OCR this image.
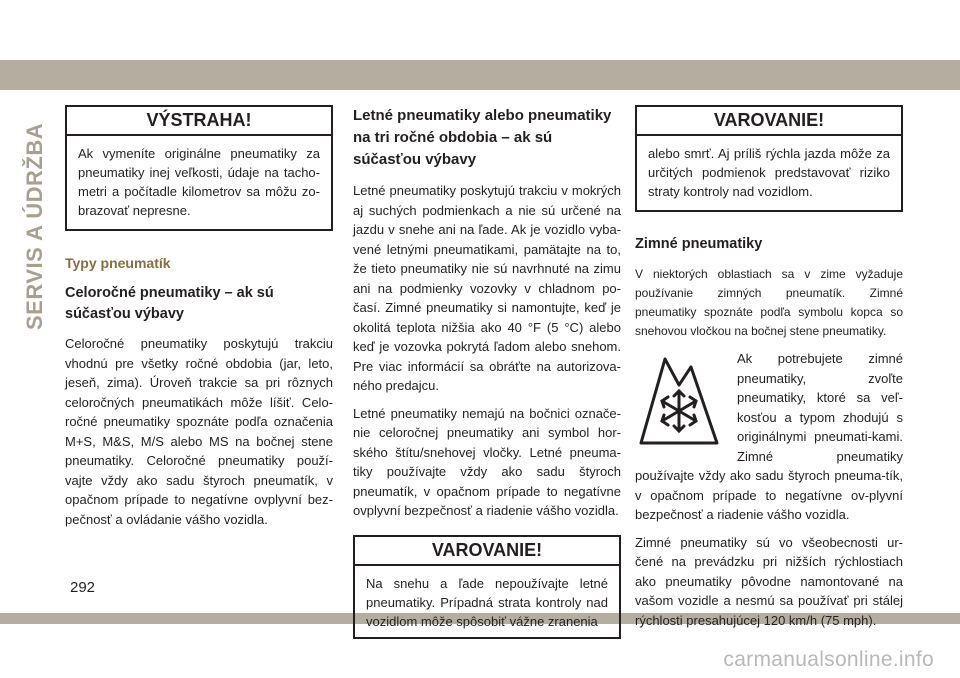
SERVIS A ÚDRŽBA
VÝSTRAHA!
Ak vymeníte originálne pneumatiky za pneumatiky inej veľkosti, údaje na tacho-metri a počítadle kilometrov sa môžu zo-brazovať nepresne.
Typy pneumatík
Celoročné pneumatiky – ak sú súčasťou výbavy
Celoročné pneumatiky poskytujú trakciu vhodnú pre všetky ročné obdobia (jar, leto, jeseň, zima). Úroveň trakcie sa pri rôznych celoročných pneumatikách môže líšiť. Celo-ročné pneumatiky spoznáte podľa označenia M+S, M&S, M/S alebo MS na bočnej stene pneumatiky. Celoročné pneumatiky použí-vajte vždy ako sadu štyroch pneumatík, v opačnom prípade to negatívne ovplyvní bez-pečnosť a ovládanie vášho vozidla.
Letné pneumatiky alebo pneumatiky na tri ročné obdobia – ak sú súčasťou výbavy
Letné pneumatiky poskytujú trakciu v mokrých aj suchých podmienkach a nie sú určené na jazdu v snehe ani na ľade. Ak je vozidlo vyba-vené letnými pneumatikami, pamätajte na to, že tieto pneumatiky nie sú navrhnuté na zimu ani na podmienky vozovky v chladnom po-časí. Zimné pneumatiky si namontujte, keď je okolitá teplota nižšia ako 40 °F (5 °C) alebo keď je vozovka pokrytá ľadom alebo snehom. Pre viac informácií sa obráťte na autorizova-ného predajcu.
Letné pneumatiky nemajú na bočnici označe-nie celoročnej pneumatiky ani symbol hor-ského štítu/snehovej vločky. Letné pneuma-tiky používajte vždy ako sadu štyroch pneumatík, v opačnom prípade to negatívne ovplyvní bezpečnosť a riadenie vášho vozidla.
VAROVANIE!
Na snehu a ľade nepoužívajte letné pneumatiky. Prípadná strata kontroly nad vozidlom môže spôsobiť vážne zranenia
VAROVANIE!
alebo smrť. Aj príliš rýchla jazda môže za určitých podmienok predstavovať riziko straty kontroly nad vozidlom.
Zimné pneumatiky
V niektorých oblastiach sa v zime vyžaduje používanie zimných pneumatík. Zimné pneumatiky spoznáte podľa symbolu kopca so snehovou vločkou na bočnej stene pneumatiky.
Ak potrebujete zimné pneumatiky, zvoľte pneumatiky, ktoré sa veľ-kosťou a typom zhodujú s originálnymi pneumati-kami. Zimné pneumatiky používajte vždy ako sadu štyroch pneuma-tík, v opačnom prípade to negatívne ov-plyvní bezpečnosť a riadenie vášho vozidla.
Zimné pneumatiky sú vo všeobecnosti ur-čené na prevádzku pri nižších rýchlostiach ako pneumatiky pôvodne namontované na vašom vozidle a nesmú sa používať pri stálej rýchlosti presahujúcej 120 km/h (75 mph).
292
carmanualsonline.info
